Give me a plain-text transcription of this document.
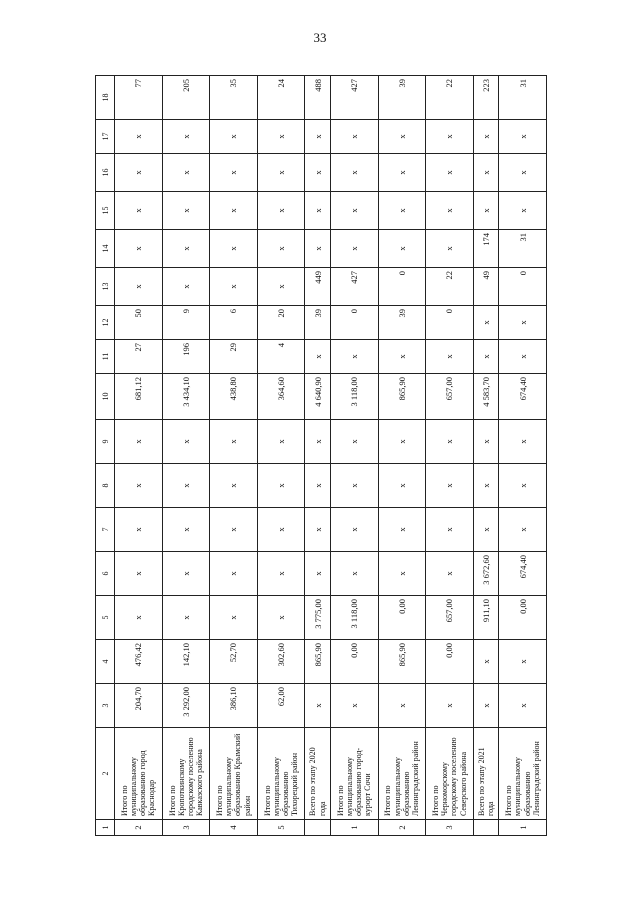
33
1	2	3	4	5	6	7	8	9	10	11	12	13	14	15	16	17	18
2	Итого по муниципальному образованию город Краснодар	204,70	476,42	x	x	x	x	x	681,12	27	50	x	x	x	x	x	77
3	Итого по Кропоткинскому городскому поселению Кавказского района	3 292,00	142,10	x	x	x	x	x	3 434,10	196	9	x	x	x	x	x	205
4	Итого по муниципальному образованию Крымский район	386,10	52,70	x	x	x	x	x	438,80	29	6	x	x	x	x	x	35
5	Итого по муниципальному образованию Тихорецкий район	62,00	302,60	x	x	x	x	x	364,60	4	20	x	x	x	x	x	24
	Всего по этапу 2020 года	x	865,90	3 775,00	x	x	x	x	4 640,90	x	39	449	x	x	x	x	488
1	Итого по муниципальному образованию город-курорт Сочи	x	0,00	3 118,00	x	x	x	x	3 118,00	x	0	427	x	x	x	x	427
2	Итого по муниципальному образованию Ленинградский район	x	865,90	0,00	x	x	x	x	865,90	x	39	0	x	x	x	x	39
3	Итого по Черноморскому городскому поселению Северского района	x	0,00	657,00	x	x	x	x	657,00	x	0	22	x	x	x	x	22
	Всего по этапу 2021 года	x	x	911,10	3 672,60	x	x	x	4 583,70	x	x	49	174	x	x	x	223
1	Итого по муниципальному образованию Ленинградский район	x	x	0,00	674,40	x	x	x	674,40	x	x	0	31	x	x	x	31
